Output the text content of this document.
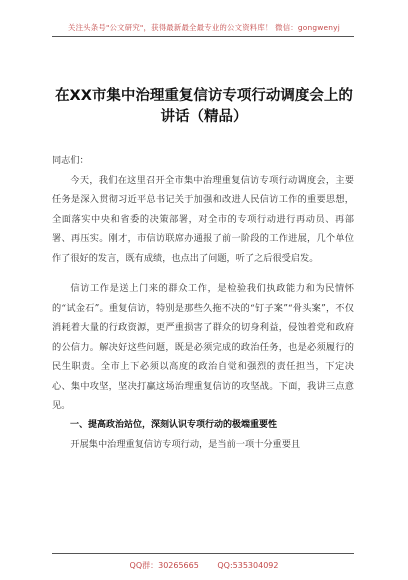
关注头条号"公文研究"，获得最新最全最专业的公文资料库！ 微信：gongwenyj
在XX市集中治理重复信访专项行动调度会上的讲话（精品）

同志们：

今天，我们在这里召开全市集中治理重复信访专项行动调度会，主要任务是深入贯彻习近平总书记关于加强和改进人民信访工作的重要思想，全面落实中央和省委的决策部署，对全市的专项行动进行再动员、再部署、再压实。刚才，市信访联席办通报了前一阶段的工作进展，几个单位作了很好的发言，既有成绩，也点出了问题，听了之后很受启发。

信访工作是送上门来的群众工作，是检验我们执政能力和为民情怀的“试金石”。重复信访，特别是那些久拖不决的“钉子案”“骨头案”，不仅消耗着大量的行政资源，更严重损害了群众的切身利益，侵蚀着党和政府的公信力。解决好这些问题，既是必须完成的政治任务，也是必须履行的民生职责。全市上下必须以高度的政治自觉和强烈的责任担当，下定决心、集中攻坚，坚决打赢这场治理重复信访的攻坚战。下面，我讲三点意见。

一、提高政治站位，深刻认识专项行动的极端重要性

开展集中治理重复信访专项行动，是当前一项十分重要且

QQ群：30265665 QQ:535304092
